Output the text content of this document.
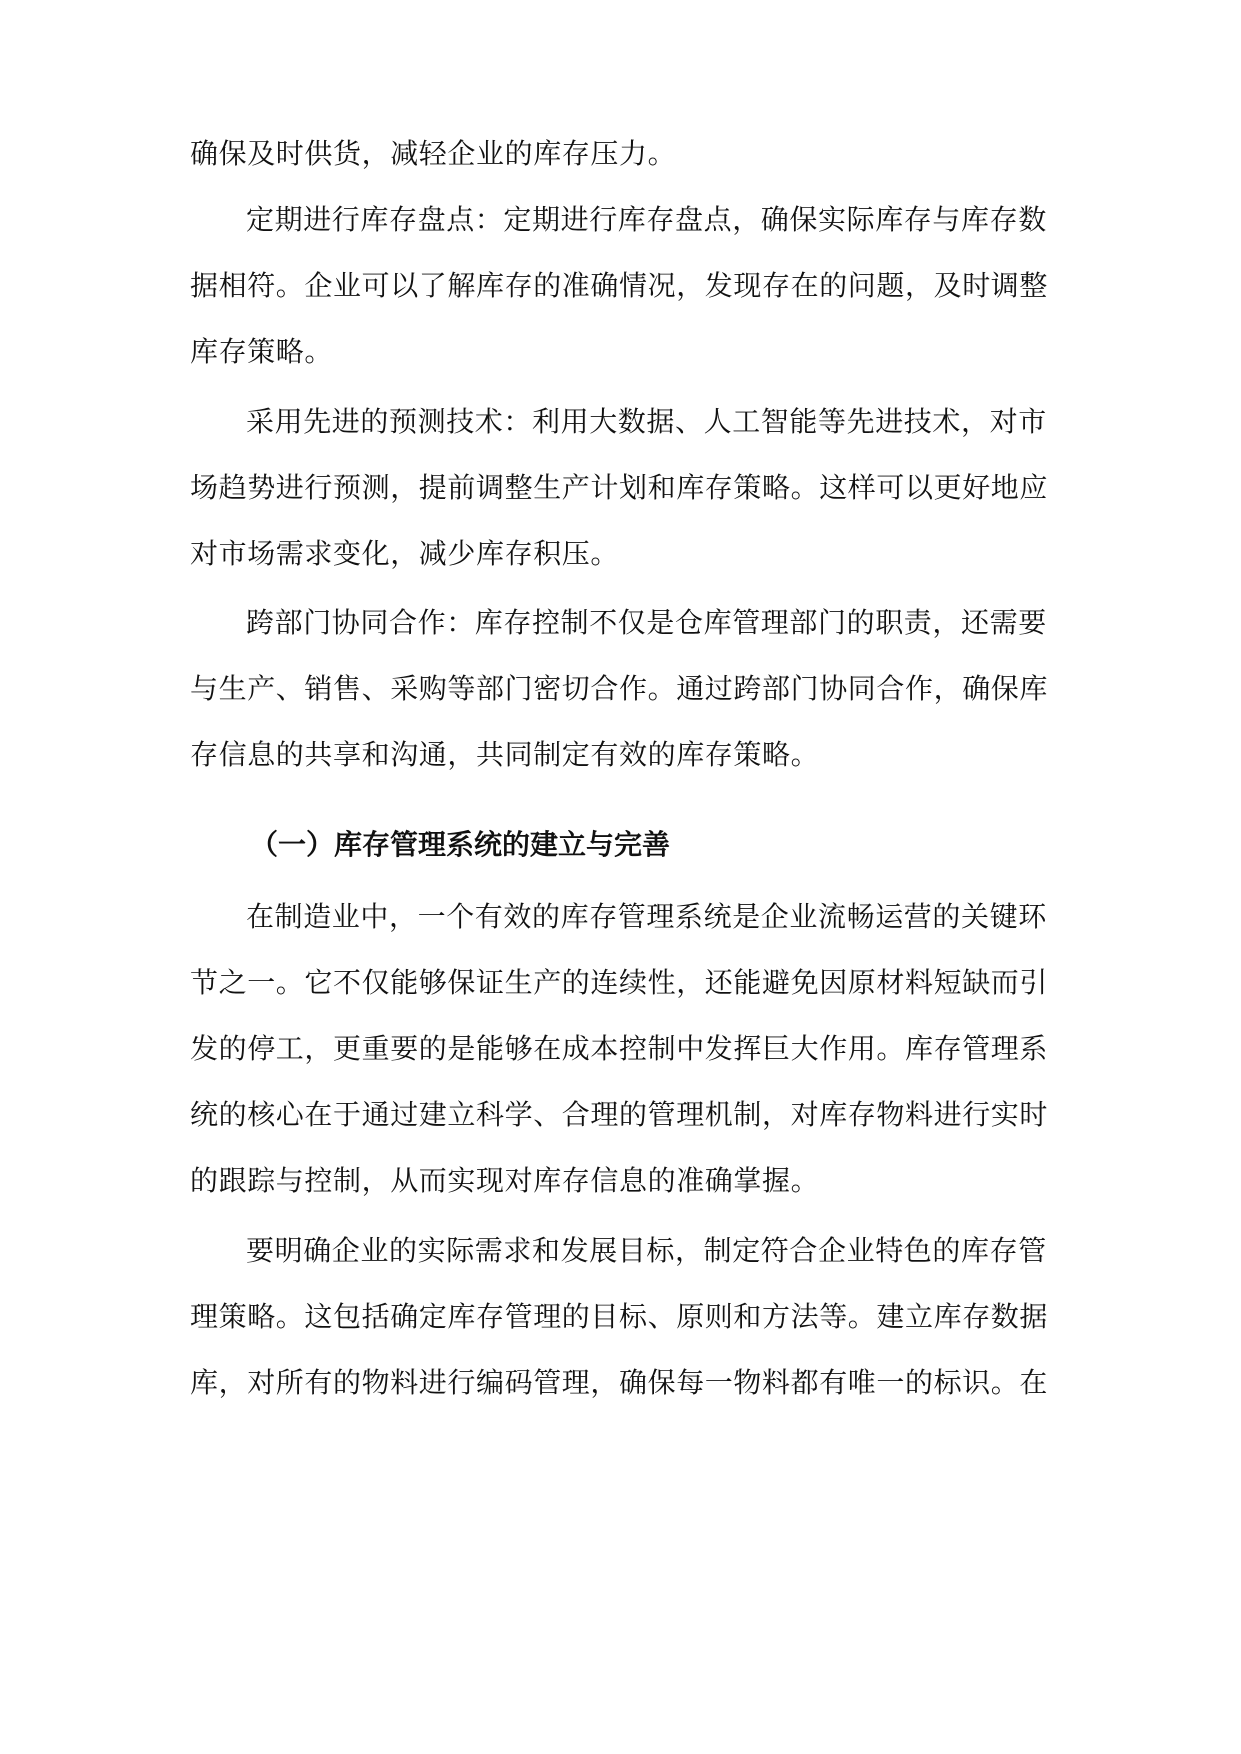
确保及时供货，减轻企业的库存压力。
定期进行库存盘点：定期进行库存盘点，确保实际库存与库存数
据相符。企业可以了解库存的准确情况，发现存在的问题，及时调整
库存策略。
采用先进的预测技术：利用大数据、人工智能等先进技术，对市
场趋势进行预测，提前调整生产计划和库存策略。这样可以更好地应
对市场需求变化，减少库存积压。
跨部门协同合作：库存控制不仅是仓库管理部门的职责，还需要
与生产、销售、采购等部门密切合作。通过跨部门协同合作，确保库
存信息的共享和沟通，共同制定有效的库存策略。
（一）库存管理系统的建立与完善
在制造业中，一个有效的库存管理系统是企业流畅运营的关键环
节之一。它不仅能够保证生产的连续性，还能避免因原材料短缺而引
发的停工，更重要的是能够在成本控制中发挥巨大作用。库存管理系
统的核心在于通过建立科学、合理的管理机制，对库存物料进行实时
的跟踪与控制，从而实现对库存信息的准确掌握。
要明确企业的实际需求和发展目标，制定符合企业特色的库存管
理策略。这包括确定库存管理的目标、原则和方法等。建立库存数据
库，对所有的物料进行编码管理，确保每一物料都有唯一的标识。在
